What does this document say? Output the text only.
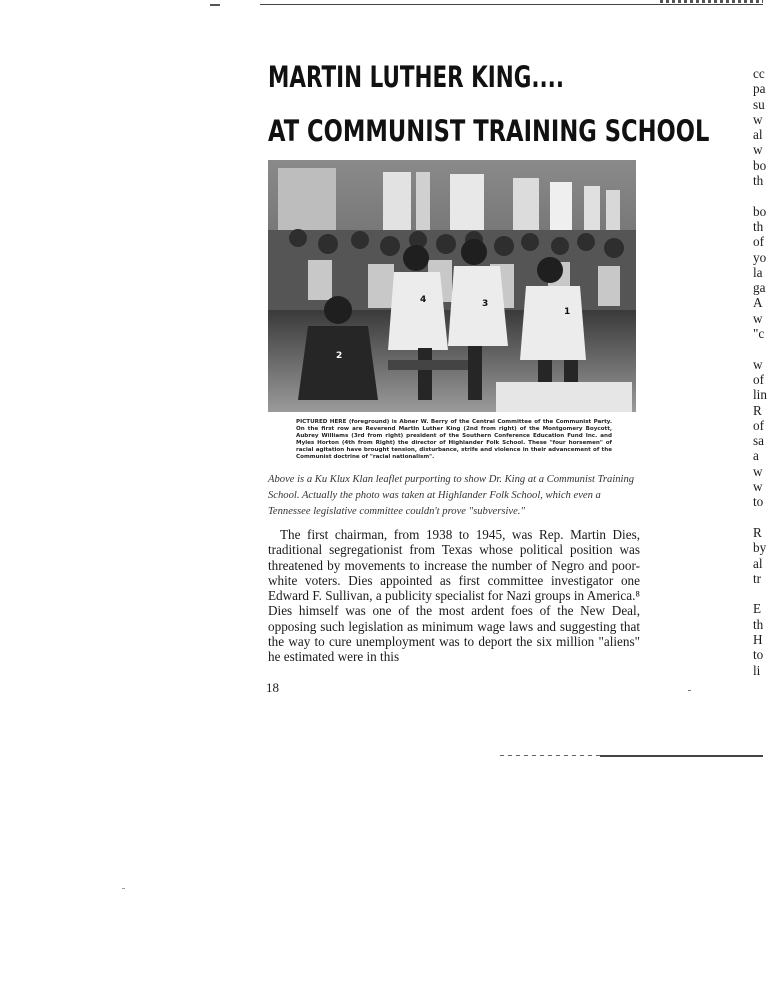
MARTIN LUTHER KING....
AT COMMUNIST TRAINING SCHOOL
2
4	3
1
PICTURED HERE (foreground) is Abner W. Berry of the Central Committee of the Communist Party. On the first row are Reverend Martin Luther King (2nd from right) of the Montgomery Boycott, Aubrey Williams (3rd from right) president of the Southern Conference Education Fund Inc. and Myles Horton (4th from Right) the director of Highlander Folk School. These "four horsemen" of racial agitation have brought tension, disturbance, strife and violence in their advancement of the Communist doctrine of "racial nationalism".

Above is a Ku Klux Klan leaflet purporting to show Dr. King at a Communist Training School. Actually the photo was taken at Highlander Folk School, which even a Tennessee legislative committee couldn't prove "subversive."

The first chairman, from 1938 to 1945, was Rep. Martin Dies, traditional segregationist from Texas whose political position was threatened by movements to increase the number of Negro and poor-white voters. Dies appointed as first committee investigator one Edward F. Sullivan, a publicity specialist for Nazi groups in America.⁸ Dies himself was one of the most ardent foes of the New Deal, opposing such legislation as minimum wage laws and suggesting that the way to cure unemployment was to deport the six million "aliens" he estimated were in this

18
cc
pa
su
w
al
w
bo
th
bo
th
of
yo
la
ga
A
w
"c
w
of
lin
R
of
sa
a
w
w
to
R
by
al
tr
E
th
H
to
li
